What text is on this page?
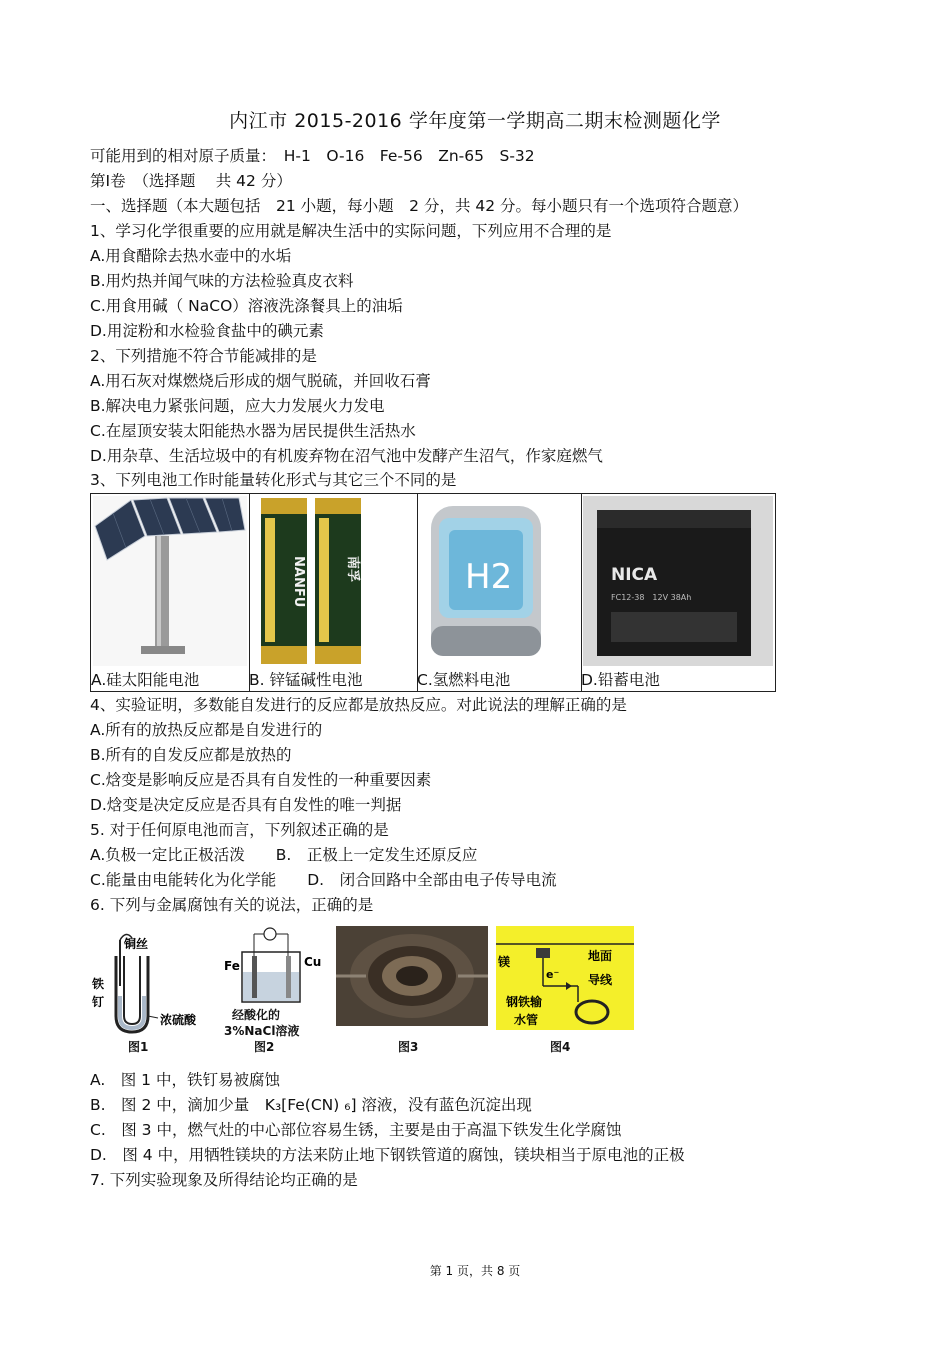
内江市 2015-2016 学年度第一学期高二期末检测题化学
可能用到的相对原子质量：　H-1　O-16　Fe-56　Zn-65　S-32
第Ⅰ卷　（选择题　 共 42 分）
一、选择题（本大题包括　21 小题，每小题　2 分，共 42 分。每小题只有一个选项符合题意）
1、学习化学很重要的应用就是解决生活中的实际问题，下列应用不合理的是
A.用食醋除去热水壶中的水垢
B.用灼热并闻气味的方法检验真皮衣料
C.用食用碱（ NaCO）溶液洗涤餐具上的油垢
D.用淀粉和水检验食盐中的碘元素
2、下列措施不符合节能减排的是
A.用石灰对煤燃烧后形成的烟气脱硫，并回收石膏
B.解决电力紧张问题，应大力发展火力发电
C.在屋顶安装太阳能热水器为居民提供生活热水
D.用杂草、生活垃圾中的有机废弃物在沼气池中发酵产生沼气，作家庭燃气
3、下列电池工作时能量转化形式与其它三个不同的是
A.硅太阳能电池
NANFU	南孚
B. 锌锰碱性电池
H2
C.氢燃料电池
NICA
FC12-38　12V 38Ah
D.铅蓄电池
4、实验证明，多数能自发进行的反应都是放热反应。对此说法的理解正确的是
A.所有的放热反应都是自发进行的
B.所有的自发反应都是放热的
C.焓变是影响反应是否具有自发性的一种重要因素
D.焓变是决定反应是否具有自发性的唯一判据
5. 对于任何原电池而言，下列叙述正确的是
A.负极一定比正极活泼　　B.　正极上一定发生还原反应
C.能量由电能转化为化学能　　D.　闭合回路中全部由电子传导电流
6. 下列与金属腐蚀有关的说法，正确的是
铜丝
铁
钉
浓硫酸
图1
Fe	Cu
经酸化的
3%NaCl溶液
图2	图3
镁	地面
导线
e⁻
钢铁输
水管
图4
A.　图 1 中，铁钉易被腐蚀
B.　图 2 中，滴加少量　K₃[Fe(CN) ₆] 溶液，没有蓝色沉淀出现
C.　图 3 中，燃气灶的中心部位容易生锈，主要是由于高温下铁发生化学腐蚀
D.　图 4 中，用牺牲镁块的方法来防止地下钢铁管道的腐蚀，镁块相当于原电池的正极
7. 下列实验现象及所得结论均正确的是
第 1 页，共 8 页
